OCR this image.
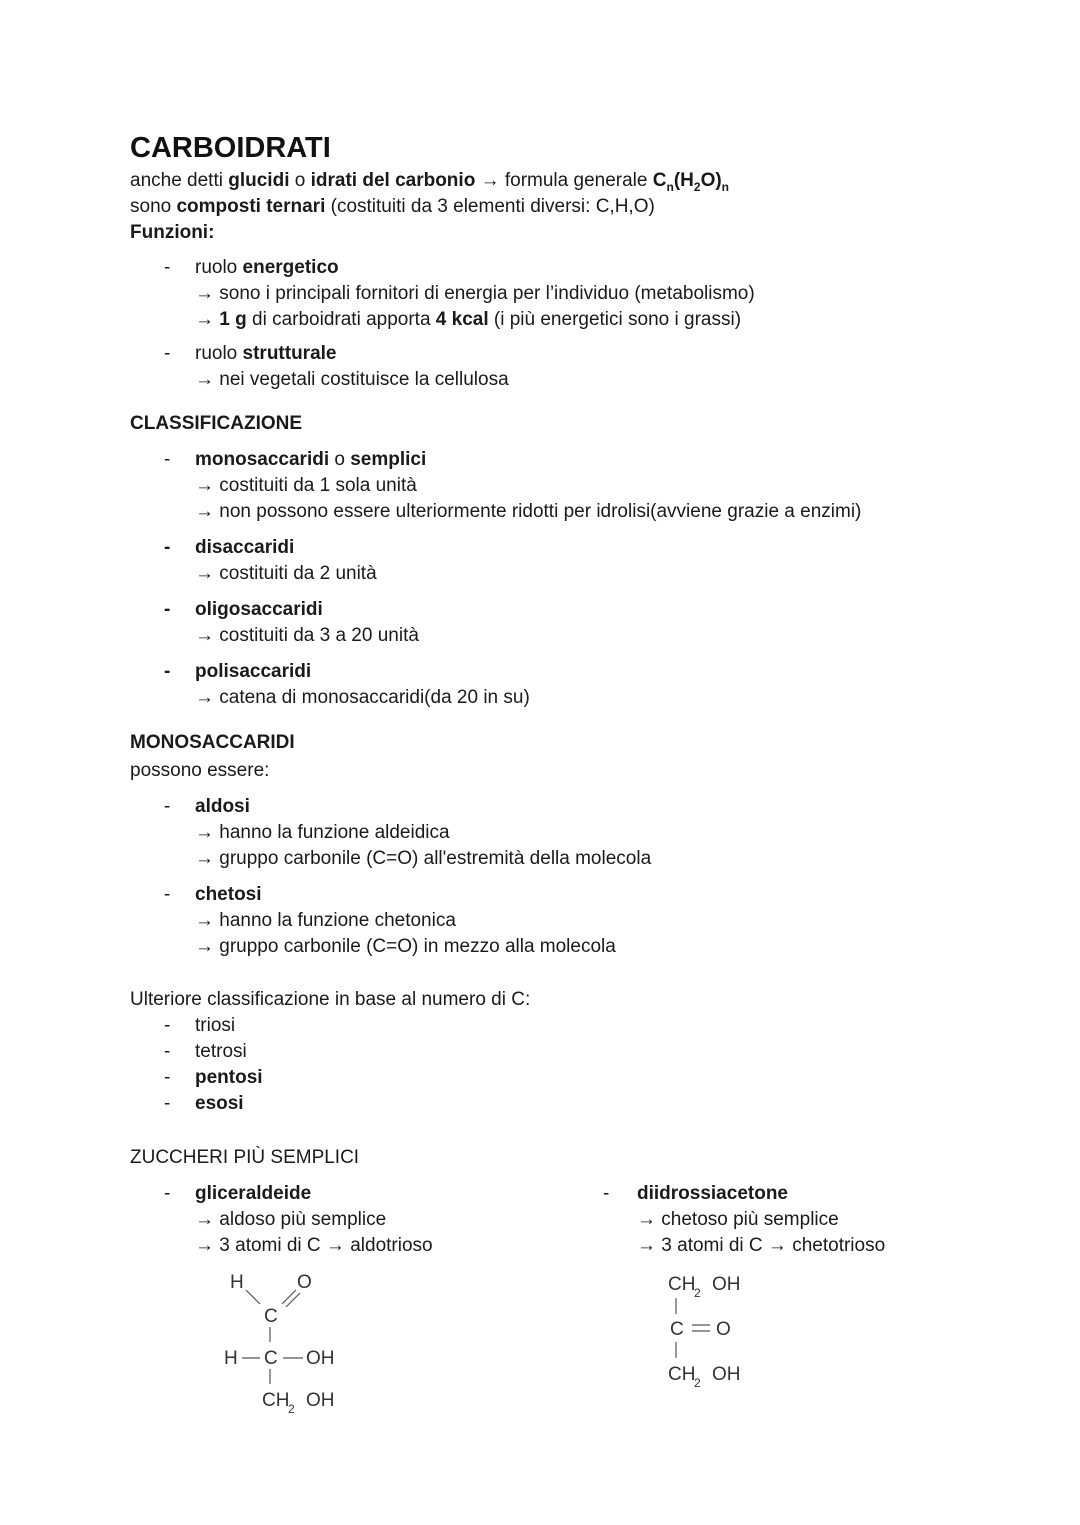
CARBOIDRATI
anche detti glucidi o idrati del carbonio → formula generale $C_n(H_2O)_n$
sono composti ternari (costituiti da 3 elementi diversi: C,H,O)
Funzioni:
- ruolo energetico
→ sono i principali fornitori di energia per l’individuo (metabolismo)
→ 1 g di carboidrati apporta 4 kcal (i più energetici sono i grassi)
- ruolo strutturale
→ nei vegetali costituisce la cellulosa
CLASSIFICAZIONE
- monosaccaridi o semplici
→ costituiti da 1 sola unità
→ non possono essere ulteriormente ridotti per idrolisi(avviene grazie a enzimi)
- disaccaridi
→ costituiti da 2 unità
- oligosaccaridi
→ costituiti da 3 a 20 unità
- polisaccaridi
→ catena di monosaccaridi(da 20 in su)
MONOSACCARIDI
possono essere:
- aldosi
→ hanno la funzione aldeidica
→ gruppo carbonile (C=O) all'estremità della molecola
- chetosi
→ hanno la funzione chetonica
→ gruppo carbonile (C=O) in mezzo alla molecola
Ulteriore classificazione in base al numero di C:
- triosi
- tetrosi
- pentosi
- esosi
ZUCCHERI PIÙ SEMPLICI
- gliceraldeide
→ aldoso più semplice
→ 3 atomi di C → aldotrioso
- diidrossiacetone
→ chetoso più semplice
→ 3 atomi di C → chetotrioso
H	O
C
H C OH
CH
2 OH
CH
2 OH
C O
CH
2 OH
